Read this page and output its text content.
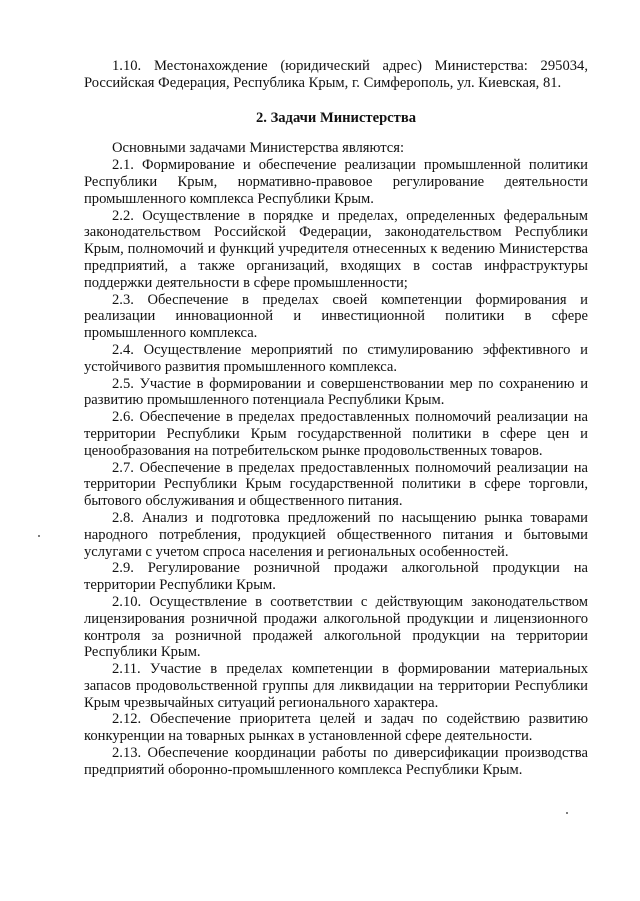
1.10. Местонахождение (юридический адрес) Министерства: 295034, Российская Федерация, Республика Крым, г. Симферополь, ул. Киевская, 81.

2. Задачи Министерства

Основными задачами Министерства являются:

2.1. Формирование и обеспечение реализации промышленной политики Республики Крым, нормативно-правовое регулирование деятельности промышленного комплекса Республики Крым.

2.2. Осуществление в порядке и пределах, определенных федеральным законодательством Российской Федерации, законодательством Республики Крым, полномочий и функций учредителя отнесенных к ведению Министерства предприятий, а также организаций, входящих в состав инфраструктуры поддержки деятельности в сфере промышленности;

2.3. Обеспечение в пределах своей компетенции формирования и реализации инновационной и инвестиционной политики в сфере промышленного комплекса.

2.4. Осуществление мероприятий по стимулированию эффективного и устойчивого развития промышленного комплекса.

2.5. Участие в формировании и совершенствовании мер по сохранению и развитию промышленного потенциала Республики Крым.

2.6. Обеспечение в пределах предоставленных полномочий реализации на территории Республики Крым государственной политики в сфере цен и ценообразования на потребительском рынке продовольственных товаров.

2.7. Обеспечение в пределах предоставленных полномочий реализации на территории Республики Крым государственной политики в сфере торговли, бытового обслуживания и общественного питания.

2.8. Анализ и подготовка предложений по насыщению рынка товарами народного потребления, продукцией общественного питания и бытовыми услугами с учетом спроса населения и региональных особенностей.

2.9. Регулирование розничной продажи алкогольной продукции на территории Республики Крым.

2.10. Осуществление в соответствии с действующим законодательством лицензирования розничной продажи алкогольной продукции и лицензионного контроля за розничной продажей алкогольной продукции на территории Республики Крым.

2.11. Участие в пределах компетенции в формировании материальных запасов продовольственной группы для ликвидации на территории Республики Крым чрезвычайных ситуаций регионального характера.

2.12. Обеспечение приоритета целей и задач по содействию развитию конкуренции на товарных рынках в установленной сфере деятельности.

2.13. Обеспечение координации работы по диверсификации производства предприятий оборонно-промышленного комплекса Республики Крым.
